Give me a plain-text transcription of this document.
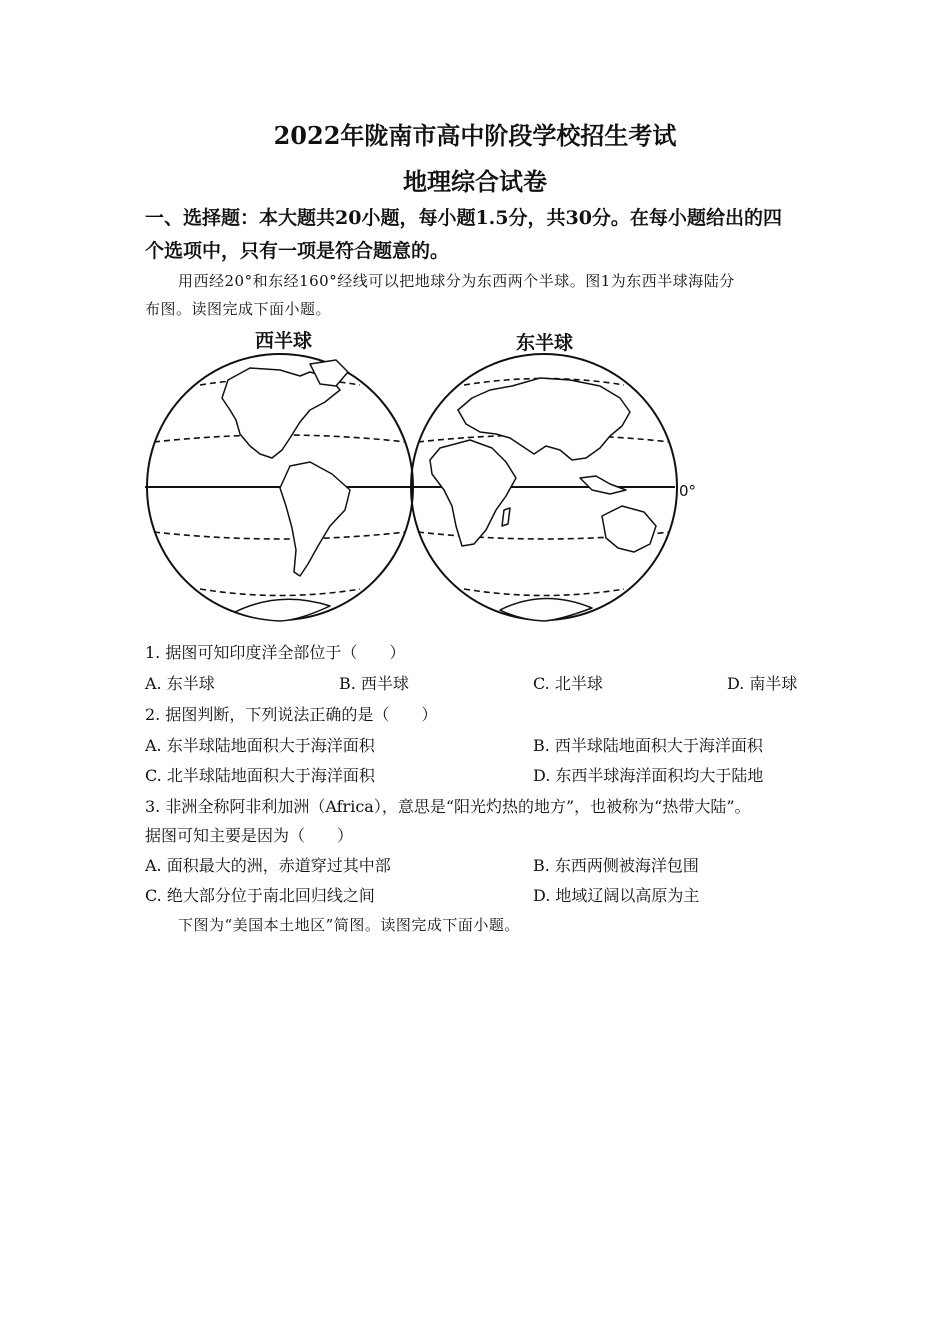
2022年陇南市高中阶段学校招生考试
地理综合试卷
一、选择题：本大题共20小题，每小题1.5分，共30分。在每小题给出的四
个选项中，只有一项是符合题意的。
用西经20°和东经160°经线可以把地球分为东西两个半球。图1为东西半球海陆分
布图。读图完成下面小题。
西半球	东半球
0°
1. 据图可知印度洋全部位于（　　）
A. 东半球	B. 西半球	C. 北半球	D. 南半球
2. 据图判断，下列说法正确的是（　　）
A. 东半球陆地面积大于海洋面积	B. 西半球陆地面积大于海洋面积
C. 北半球陆地面积大于海洋面积	D. 东西半球海洋面积均大于陆地
3. 非洲全称阿非利加洲（Africa），意思是“阳光灼热的地方”，也被称为“热带大陆”。
据图可知主要是因为（　　）
A. 面积最大的洲，赤道穿过其中部	B. 东西两侧被海洋包围
C. 绝大部分位于南北回归线之间	D. 地域辽阔以高原为主
下图为“美国本土地区”简图。读图完成下面小题。
